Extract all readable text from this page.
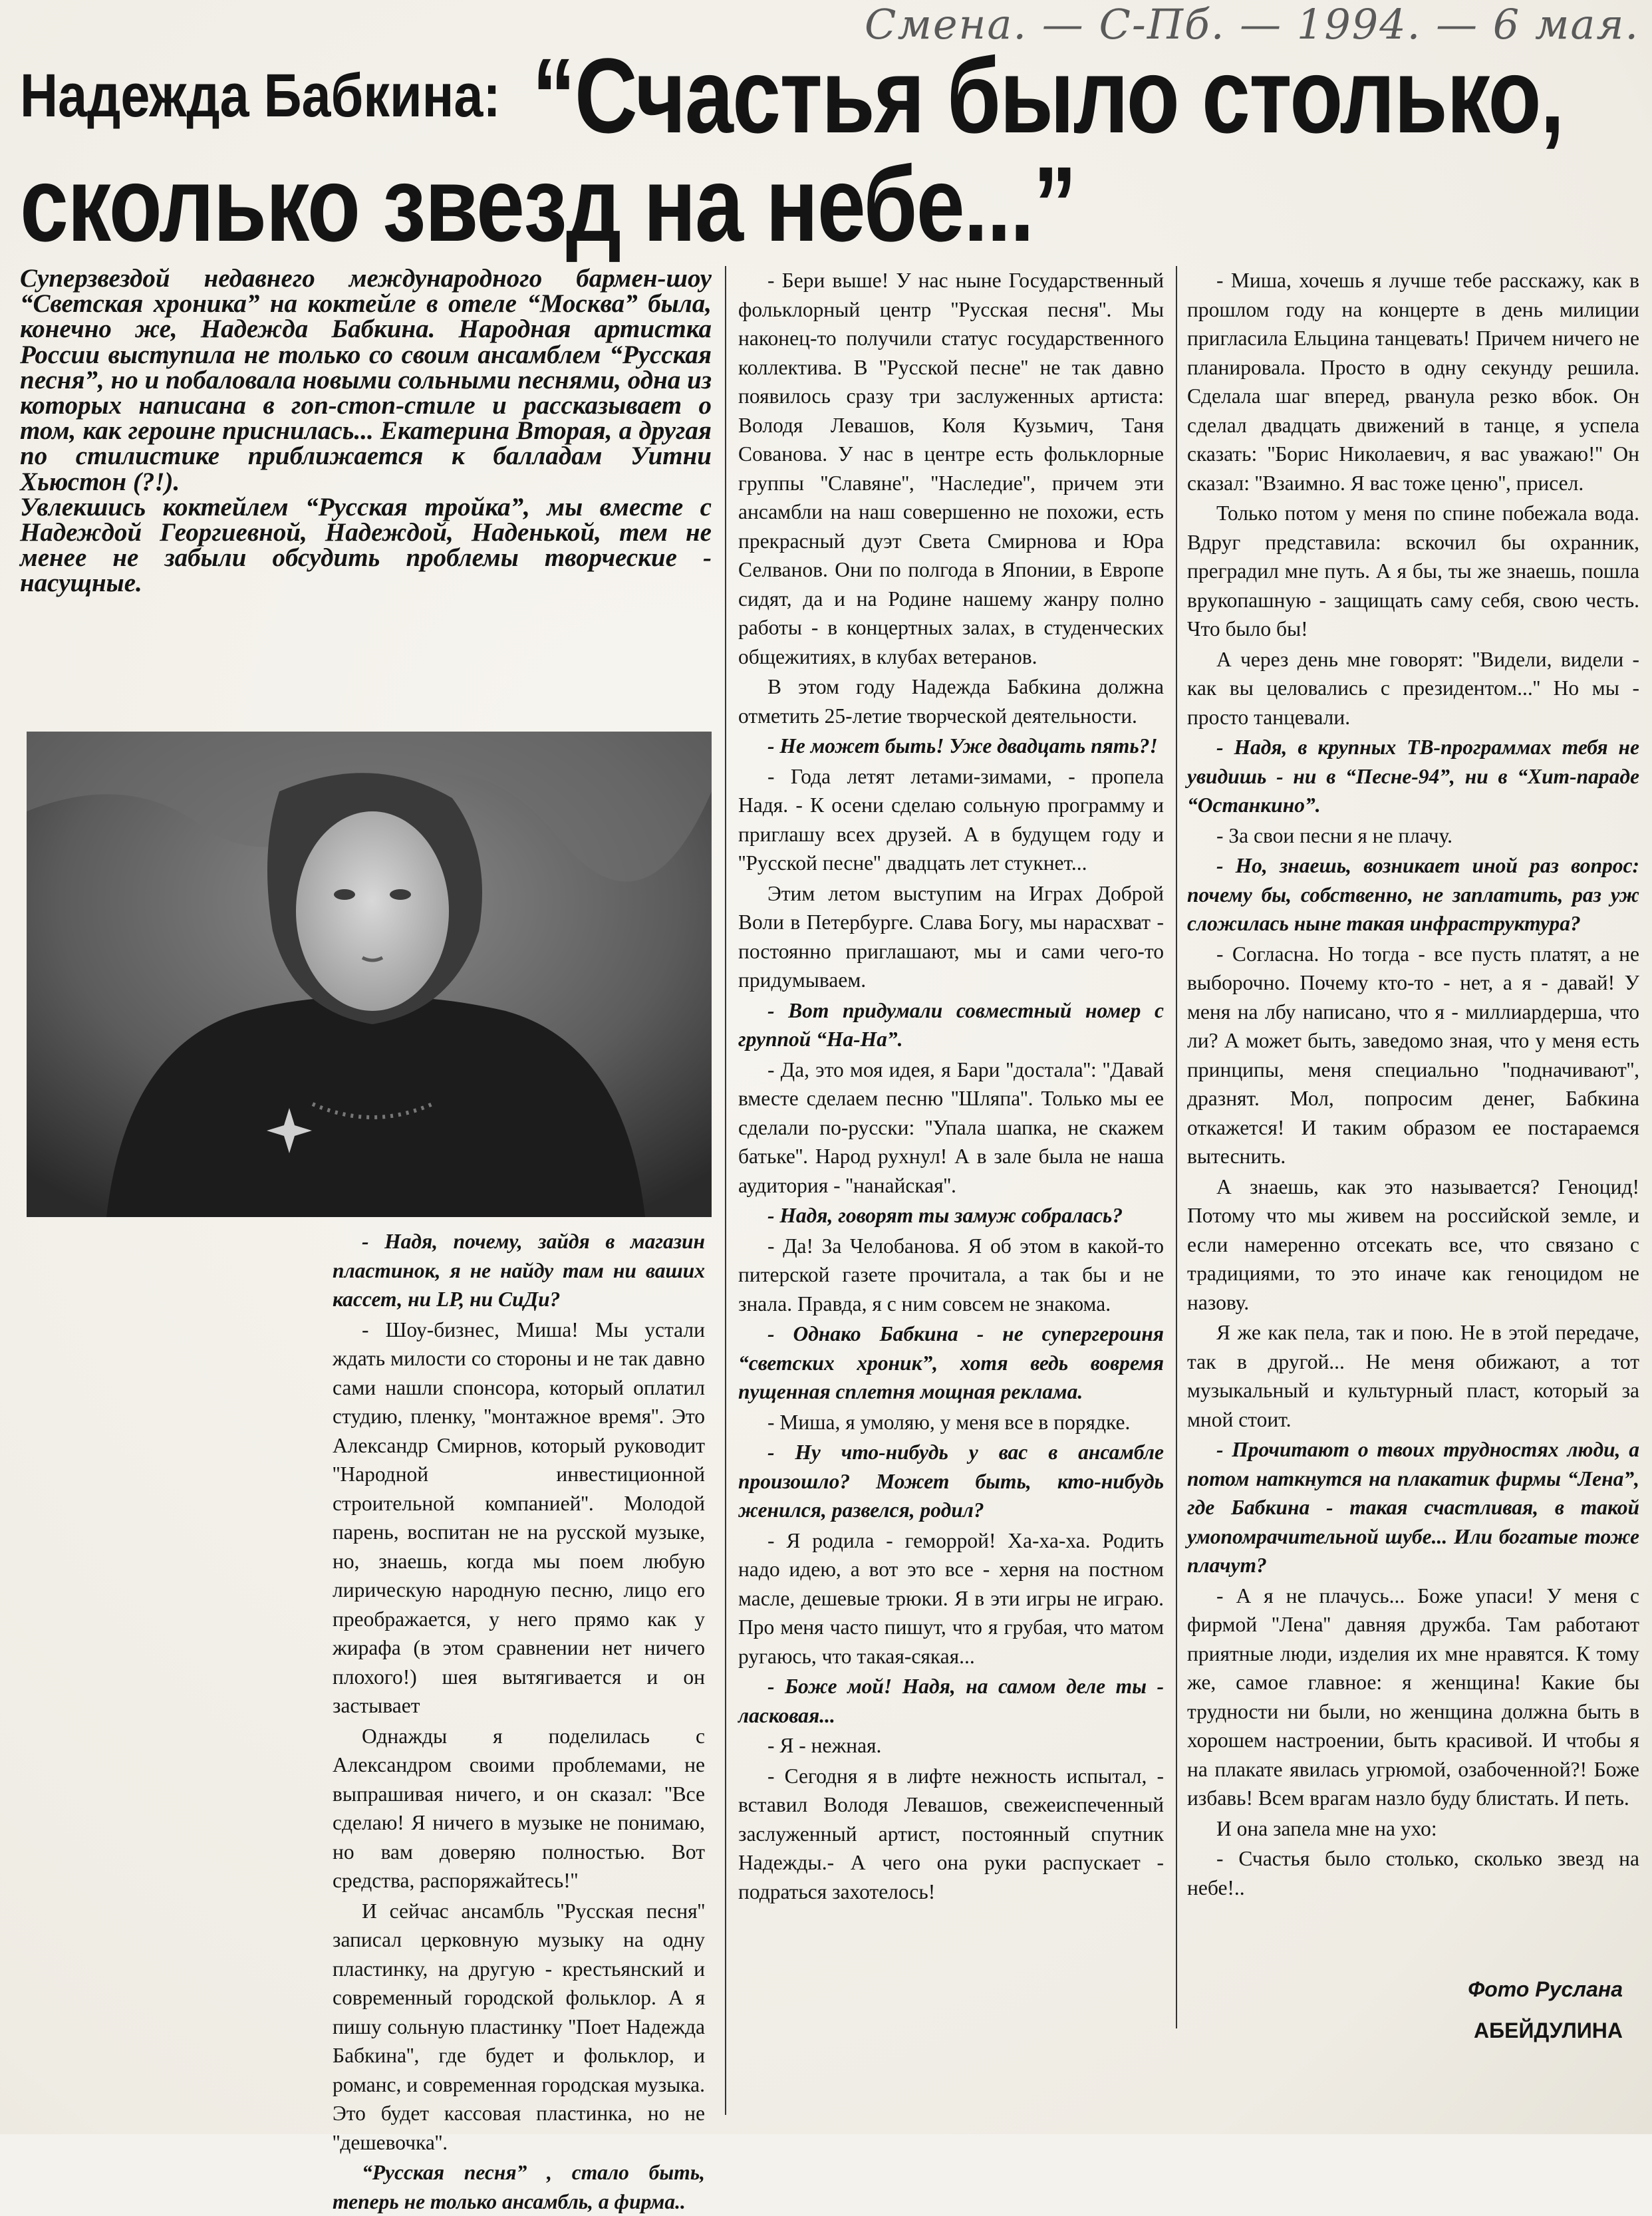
Смена. — С-Пб. — 1994. — 6 мая.
Надежда Бабкина: “Счастья было столько,
сколько звезд на небе...”

Суперзвездой недавнего международного бармен-шоу “Светская хроника” на коктейле в отеле “Москва” была, конечно же, Надежда Бабкина. Народная артистка России выступила не только со своим ансамблем “Русская песня”, но и побаловала новыми сольными песнями, одна из которых написана в гоп-стоп-стиле и рассказывает о том, как героине приснилась... Екатерина Вторая, а другая по стилистике приближается к балладам Уитни Хьюстон (?!).

Увлекшись коктейлем “Русская тройка”, мы вместе с Надеждой Георгиевной, Надеждой, Наденькой, тем не менее не забыли обсудить проблемы творческие - насущные.

- Надя, почему, зайдя в магазин пластинок, я не найду там ни ваших кассет, ни LP, ни СиДи?

- Шоу-бизнес, Миша! Мы устали ждать милости со стороны и не так давно сами нашли спонсора, который оплатил студию, пленку, ''монтажное время''. Это Александр Смирнов, который руководит ''Народной инвестиционной строительной компанией''. Молодой парень, воспитан не на русской музыке, но, знаешь, когда мы поем любую лирическую народную песню, лицо его преображается, у него прямо как у жирафа (в этом сравнении нет ничего плохого!) шея вытягивается и он застывает

Однажды я поделилась с Александром своими проблемами, не выпрашивая ничего, и он сказал: ''Все сделаю! Я ничего в музыке не понимаю, но вам доверяю полностью. Вот средства, распоряжайтесь!''

И сейчас ансамбль ''Русская песня'' записал церковную музыку на одну пластинку, на другую - крестьянский и современный городской фольклор. А я пишу сольную пластинку ''Поет Надежда Бабкина'', где будет и фольклор, и романс, и современная городская музыка. Это будет кассовая пластинка, но не ''дешевочка''.

“Русская песня” , стало быть, теперь не только ансамбль, а фирма..

- Бери выше! У нас ныне Государственный фольклорный центр ''Русская песня''. Мы наконец-то получили статус государственного коллектива. В ''Русской песне'' не так давно появилось сразу три заслуженных артиста: Володя Левашов, Коля Кузьмич, Таня Сованова. У нас в центре есть фольклорные группы ''Славяне'', ''Наследие'', причем эти ансамбли на наш совершенно не похожи, есть прекрасный дуэт Света Смирнова и Юра Селванов. Они по полгода в Японии, в Европе сидят, да и на Родине нашему жанру полно работы - в концертных залах, в студенческих общежитиях, в клубах ветеранов.

В этом году Надежда Бабкина должна отметить 25-летие творческой деятельности.

- Не может быть! Уже двадцать пять?!

- Года летят летами-зимами, - пропела Надя. - К осени сделаю сольную программу и приглашу всех друзей. А в будущем году и ''Русской песне'' двадцать лет стукнет...

Этим летом выступим на Играх Доброй Воли в Петербурге. Слава Богу, мы нарасхват - постоянно приглашают, мы и сами чего-то придумываем.

- Вот придумали совместный номер с группой “На-На”.

- Да, это моя идея, я Бари ''достала'': ''Давай вместе сделаем песню ''Шляпа''. Только мы ее сделали по-русски: ''Упала шапка, не скажем батьке''. Народ рухнул! А в зале была не наша аудитория - ''нанайская''.

- Надя, говорят ты замуж собралась?

- Да! За Челобанова. Я об этом в какой-то питерской газете прочитала, а так бы и не знала. Правда, я с ним совсем не знакома.

- Однако Бабкина - не супергероиня “светских хроник”, хотя ведь вовремя пущенная сплетня мощная реклама.

- Миша, я умоляю, у меня все в порядке.

- Ну что-нибудь у вас в ансамбле произошло? Может быть, кто-нибудь женился, развелся, родил?

- Я родила - геморрой! Ха-ха-ха. Родить надо идею, а вот это все - херня на постном масле, дешевые трюки. Я в эти игры не играю. Про меня часто пишут, что я грубая, что матом ругаюсь, что такая-сякая...

- Боже мой! Надя, на самом деле ты - ласковая...

- Я - нежная.

- Сегодня я в лифте нежность испытал, - вставил Володя Левашов, свежеиспеченный заслуженный артист, постоянный спутник Надежды.- А чего она руки распускает - подраться захотелось!

- Миша, хочешь я лучше тебе расскажу, как в прошлом году на концерте в день милиции пригласила Ельцина танцевать! Причем ничего не планировала. Просто в одну секунду решила. Сделала шаг вперед, рванула резко вбок. Он сделал двадцать движений в танце, я успела сказать: ''Борис Николаевич, я вас уважаю!'' Он сказал: ''Взаимно. Я вас тоже ценю'', присел.

Только потом у меня по спине побежала вода. Вдруг представила: вскочил бы охранник, преградил мне путь. А я бы, ты же знаешь, пошла врукопашную - защищать саму себя, свою честь. Что было бы!

А через день мне говорят: ''Видели, видели - как вы целовались с президентом...'' Но мы - просто танцевали.

- Надя, в крупных ТВ-программах тебя не увидишь - ни в “Песне-94”, ни в “Хит-параде “Останкино”.

- За свои песни я не плачу.

- Но, знаешь, возникает иной раз вопрос: почему бы, собственно, не заплатить, раз уж сложилась ныне такая инфраструктура?

- Согласна. Но тогда - все пусть платят, а не выборочно. Почему кто-то - нет, а я - давай! У меня на лбу написано, что я - миллиардерша, что ли? А может быть, заведомо зная, что у меня есть принципы, меня специально ''подначивают'', дразнят. Мол, попросим денег, Бабкина откажется! И таким образом ее постараемся вытеснить.

А знаешь, как это называется? Геноцид! Потому что мы живем на российской земле, и если намеренно отсекать все, что связано с традициями, то это иначе как геноцидом не назову.

Я же как пела, так и пою. Не в этой передаче, так в другой... Не меня обижают, а тот музыкальный и культурный пласт, который за мной стоит.

- Прочитают о твоих трудностях люди, а потом наткнутся на плакатик фирмы “Лена”, где Бабкина - такая счастливая, в такой умопомрачительной шубе... Или богатые тоже плачут?

- А я не плачусь... Боже упаси! У меня с фирмой ''Лена'' давняя дружба. Там работают приятные люди, изделия их мне нравятся. К тому же, самое главное: я женщина! Какие бы трудности ни были, но женщина должна быть в хорошем настроении, быть красивой. И чтобы я на плакате явилась угрюмой, озабоченной?! Боже избавь! Всем врагам назло буду блистать. И петь.

И она запела мне на ухо:

- Счастья было столько, сколько звезд на небе!..

Фото Руслана
АБЕЙДУЛИНА
